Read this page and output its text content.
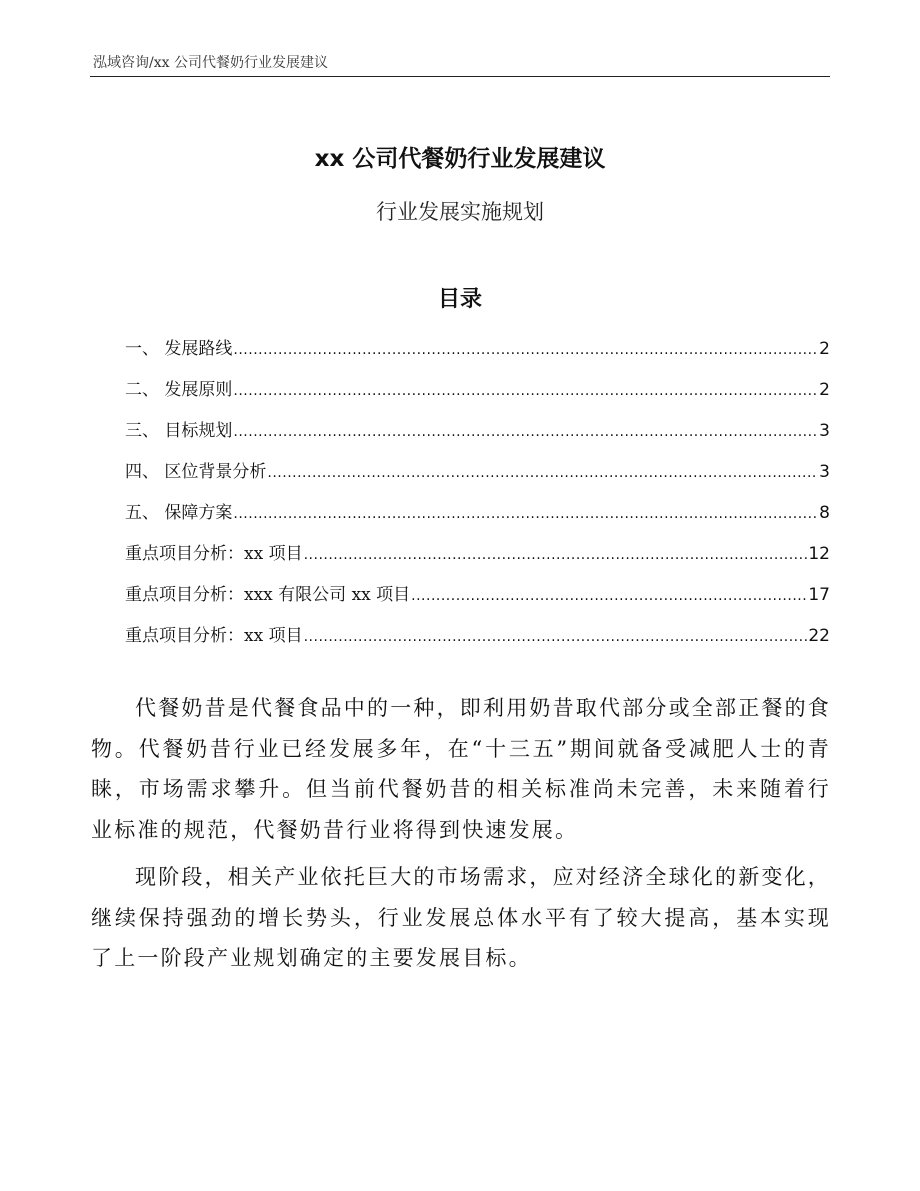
泓域咨询/xx 公司代餐奶行业发展建议
xx 公司代餐奶行业发展建议
行业发展实施规划
目录
一、 发展路线 .....	2
二、 发展原则 .....	2
三、 目标规划 .....	3
四、 区位背景分析 .....	3
五、 保障方案 .....	8
重点项目分析：xx 项目 .....	12
重点项目分析：xxx 有限公司 xx 项目 .....	17
重点项目分析：xx 项目 .....	22

代餐奶昔是代餐食品中的一种，即利用奶昔取代部分或全部正餐的食物。代餐奶昔行业已经发展多年，在“十三五”期间就备受减肥人士的青睐，市场需求攀升。但当前代餐奶昔的相关标准尚未完善，未来随着行业标准的规范，代餐奶昔行业将得到快速发展。

现阶段，相关产业依托巨大的市场需求，应对经济全球化的新变化，继续保持强劲的增长势头，行业发展总体水平有了较大提高，基本实现了上一阶段产业规划确定的主要发展目标。
